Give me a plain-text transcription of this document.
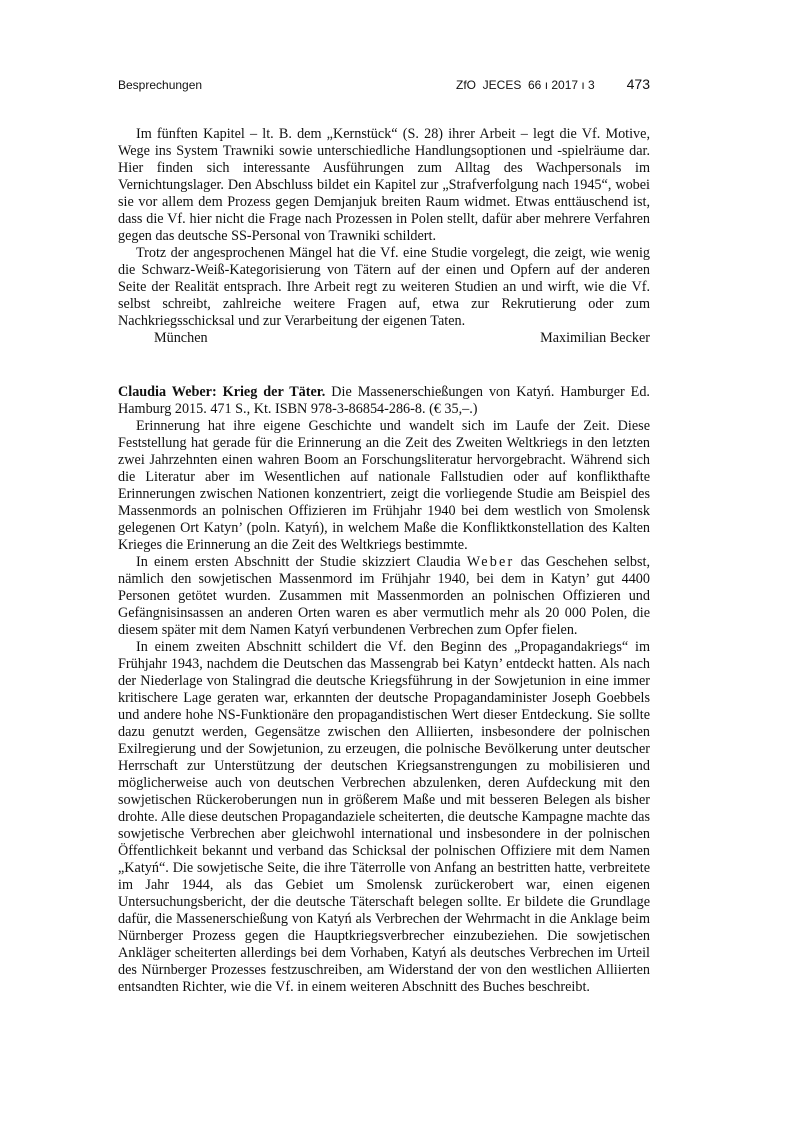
Besprechungen	ZfO  JECES  66 ı 2017 ı 3 473

Im fünften Kapitel – lt. B. dem „Kernstück“ (S. 28) ihrer Arbeit – legt die Vf. Motive, Wege ins System Trawniki sowie unterschiedliche Handlungsoptionen und -spielräume dar. Hier finden sich interessante Ausführungen zum Alltag des Wachpersonals im Vernichtungslager. Den Abschluss bildet ein Kapitel zur „Strafverfolgung nach 1945“, wobei sie vor allem dem Prozess gegen Demjanjuk breiten Raum widmet. Etwas enttäuschend ist, dass die Vf. hier nicht die Frage nach Prozessen in Polen stellt, dafür aber mehrere Verfahren gegen das deutsche SS-Personal von Trawniki schildert.

Trotz der angesprochenen Mängel hat die Vf. eine Studie vorgelegt, die zeigt, wie wenig die Schwarz-Weiß-Kategorisierung von Tätern auf der einen und Opfern auf der anderen Seite der Realität entsprach. Ihre Arbeit regt zu weiteren Studien an und wirft, wie die Vf. selbst schreibt, zahlreiche weitere Fragen auf, etwa zur Rekrutierung oder zum Nachkriegsschicksal und zur Verarbeitung der eigenen Taten.

München	Maximilian Becker

Claudia Weber: Krieg der Täter. Die Massenerschießungen von Katyń. Hamburger Ed. Hamburg 2015. 471 S., Kt. ISBN 978-3-86854-286-8. (€ 35,–.)

Erinnerung hat ihre eigene Geschichte und wandelt sich im Laufe der Zeit. Diese Feststellung hat gerade für die Erinnerung an die Zeit des Zweiten Weltkriegs in den letzten zwei Jahrzehnten einen wahren Boom an Forschungsliteratur hervorgebracht. Während sich die Literatur aber im Wesentlichen auf nationale Fallstudien oder auf konflikthafte Erinnerungen zwischen Nationen konzentriert, zeigt die vorliegende Studie am Beispiel des Massenmords an polnischen Offizieren im Frühjahr 1940 bei dem westlich von Smolensk gelegenen Ort Katyn’ (poln. Katyń), in welchem Maße die Konfliktkonstellation des Kalten Krieges die Erinnerung an die Zeit des Weltkriegs bestimmte.

In einem ersten Abschnitt der Studie skizziert Claudia Weber das Geschehen selbst, nämlich den sowjetischen Massenmord im Frühjahr 1940, bei dem in Katyn’ gut 4400 Personen getötet wurden. Zusammen mit Massenmorden an polnischen Offizieren und Gefängnisinsassen an anderen Orten waren es aber vermutlich mehr als 20 000 Polen, die diesem später mit dem Namen Katyń verbundenen Verbrechen zum Opfer fielen.

In einem zweiten Abschnitt schildert die Vf. den Beginn des „Propagandakriegs“ im Frühjahr 1943, nachdem die Deutschen das Massengrab bei Katyn’ entdeckt hatten. Als nach der Niederlage von Stalingrad die deutsche Kriegsführung in der Sowjetunion in eine immer kritischere Lage geraten war, erkannten der deutsche Propagandaminister Joseph Goebbels und andere hohe NS-Funktionäre den propagandistischen Wert dieser Entdeckung. Sie sollte dazu genutzt werden, Gegensätze zwischen den Alliierten, insbesondere der polnischen Exilregierung und der Sowjetunion, zu erzeugen, die polnische Bevölkerung unter deutscher Herrschaft zur Unterstützung der deutschen Kriegsanstrengungen zu mobilisieren und möglicherweise auch von deutschen Verbrechen abzulenken, deren Aufdeckung mit den sowjetischen Rückeroberungen nun in größerem Maße und mit besseren Belegen als bisher drohte. Alle diese deutschen Propagandaziele scheiterten, die deutsche Kampagne machte das sowjetische Verbrechen aber gleichwohl international und insbesondere in der polnischen Öffentlichkeit bekannt und verband das Schicksal der polnischen Offiziere mit dem Namen „Katyń“. Die sowjetische Seite, die ihre Täterrolle von Anfang an bestritten hatte, verbreitete im Jahr 1944, als das Gebiet um Smolensk zurückerobert war, einen eigenen Untersuchungsbericht, der die deutsche Täterschaft belegen sollte. Er bildete die Grundlage dafür, die Massenerschießung von Katyń als Verbrechen der Wehrmacht in die Anklage beim Nürnberger Prozess gegen die Hauptkriegsverbrecher einzubeziehen. Die sowjetischen Ankläger scheiterten allerdings bei dem Vorhaben, Katyń als deutsches Verbrechen im Urteil des Nürnberger Prozesses festzuschreiben, am Widerstand der von den westlichen Alliierten entsandten Richter, wie die Vf. in einem weiteren Abschnitt des Buches beschreibt.
